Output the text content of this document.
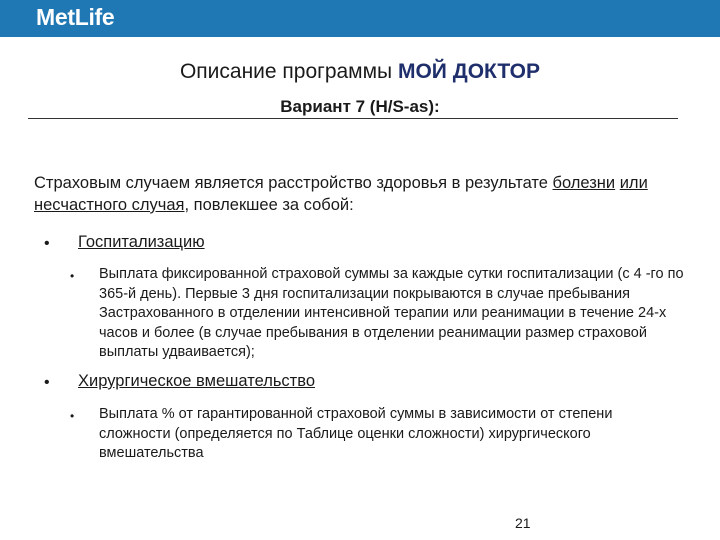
MetLife
Описание программы МОЙ ДОКТОР
Вариант 7 (H/S-as):
Страховым случаем является расстройство здоровья в результате болезни или несчастного случая, повлекшее за собой:
• Госпитализацию
• Выплата фиксированной страховой суммы за каждые сутки госпитализации (с 4 -го по 365-й день). Первые 3 дня госпитализации покрываются в случае пребывания Застрахованного в отделении интенсивной терапии или реанимации в течение 24-х часов и более (в случае пребывания в отделении реанимации размер страховой выплаты удваивается);
• Хирургическое вмешательство
• Выплата % от гарантированной страховой суммы в зависимости от степени сложности (определяется по Таблице оценки сложности) хирургического вмешательства
21
